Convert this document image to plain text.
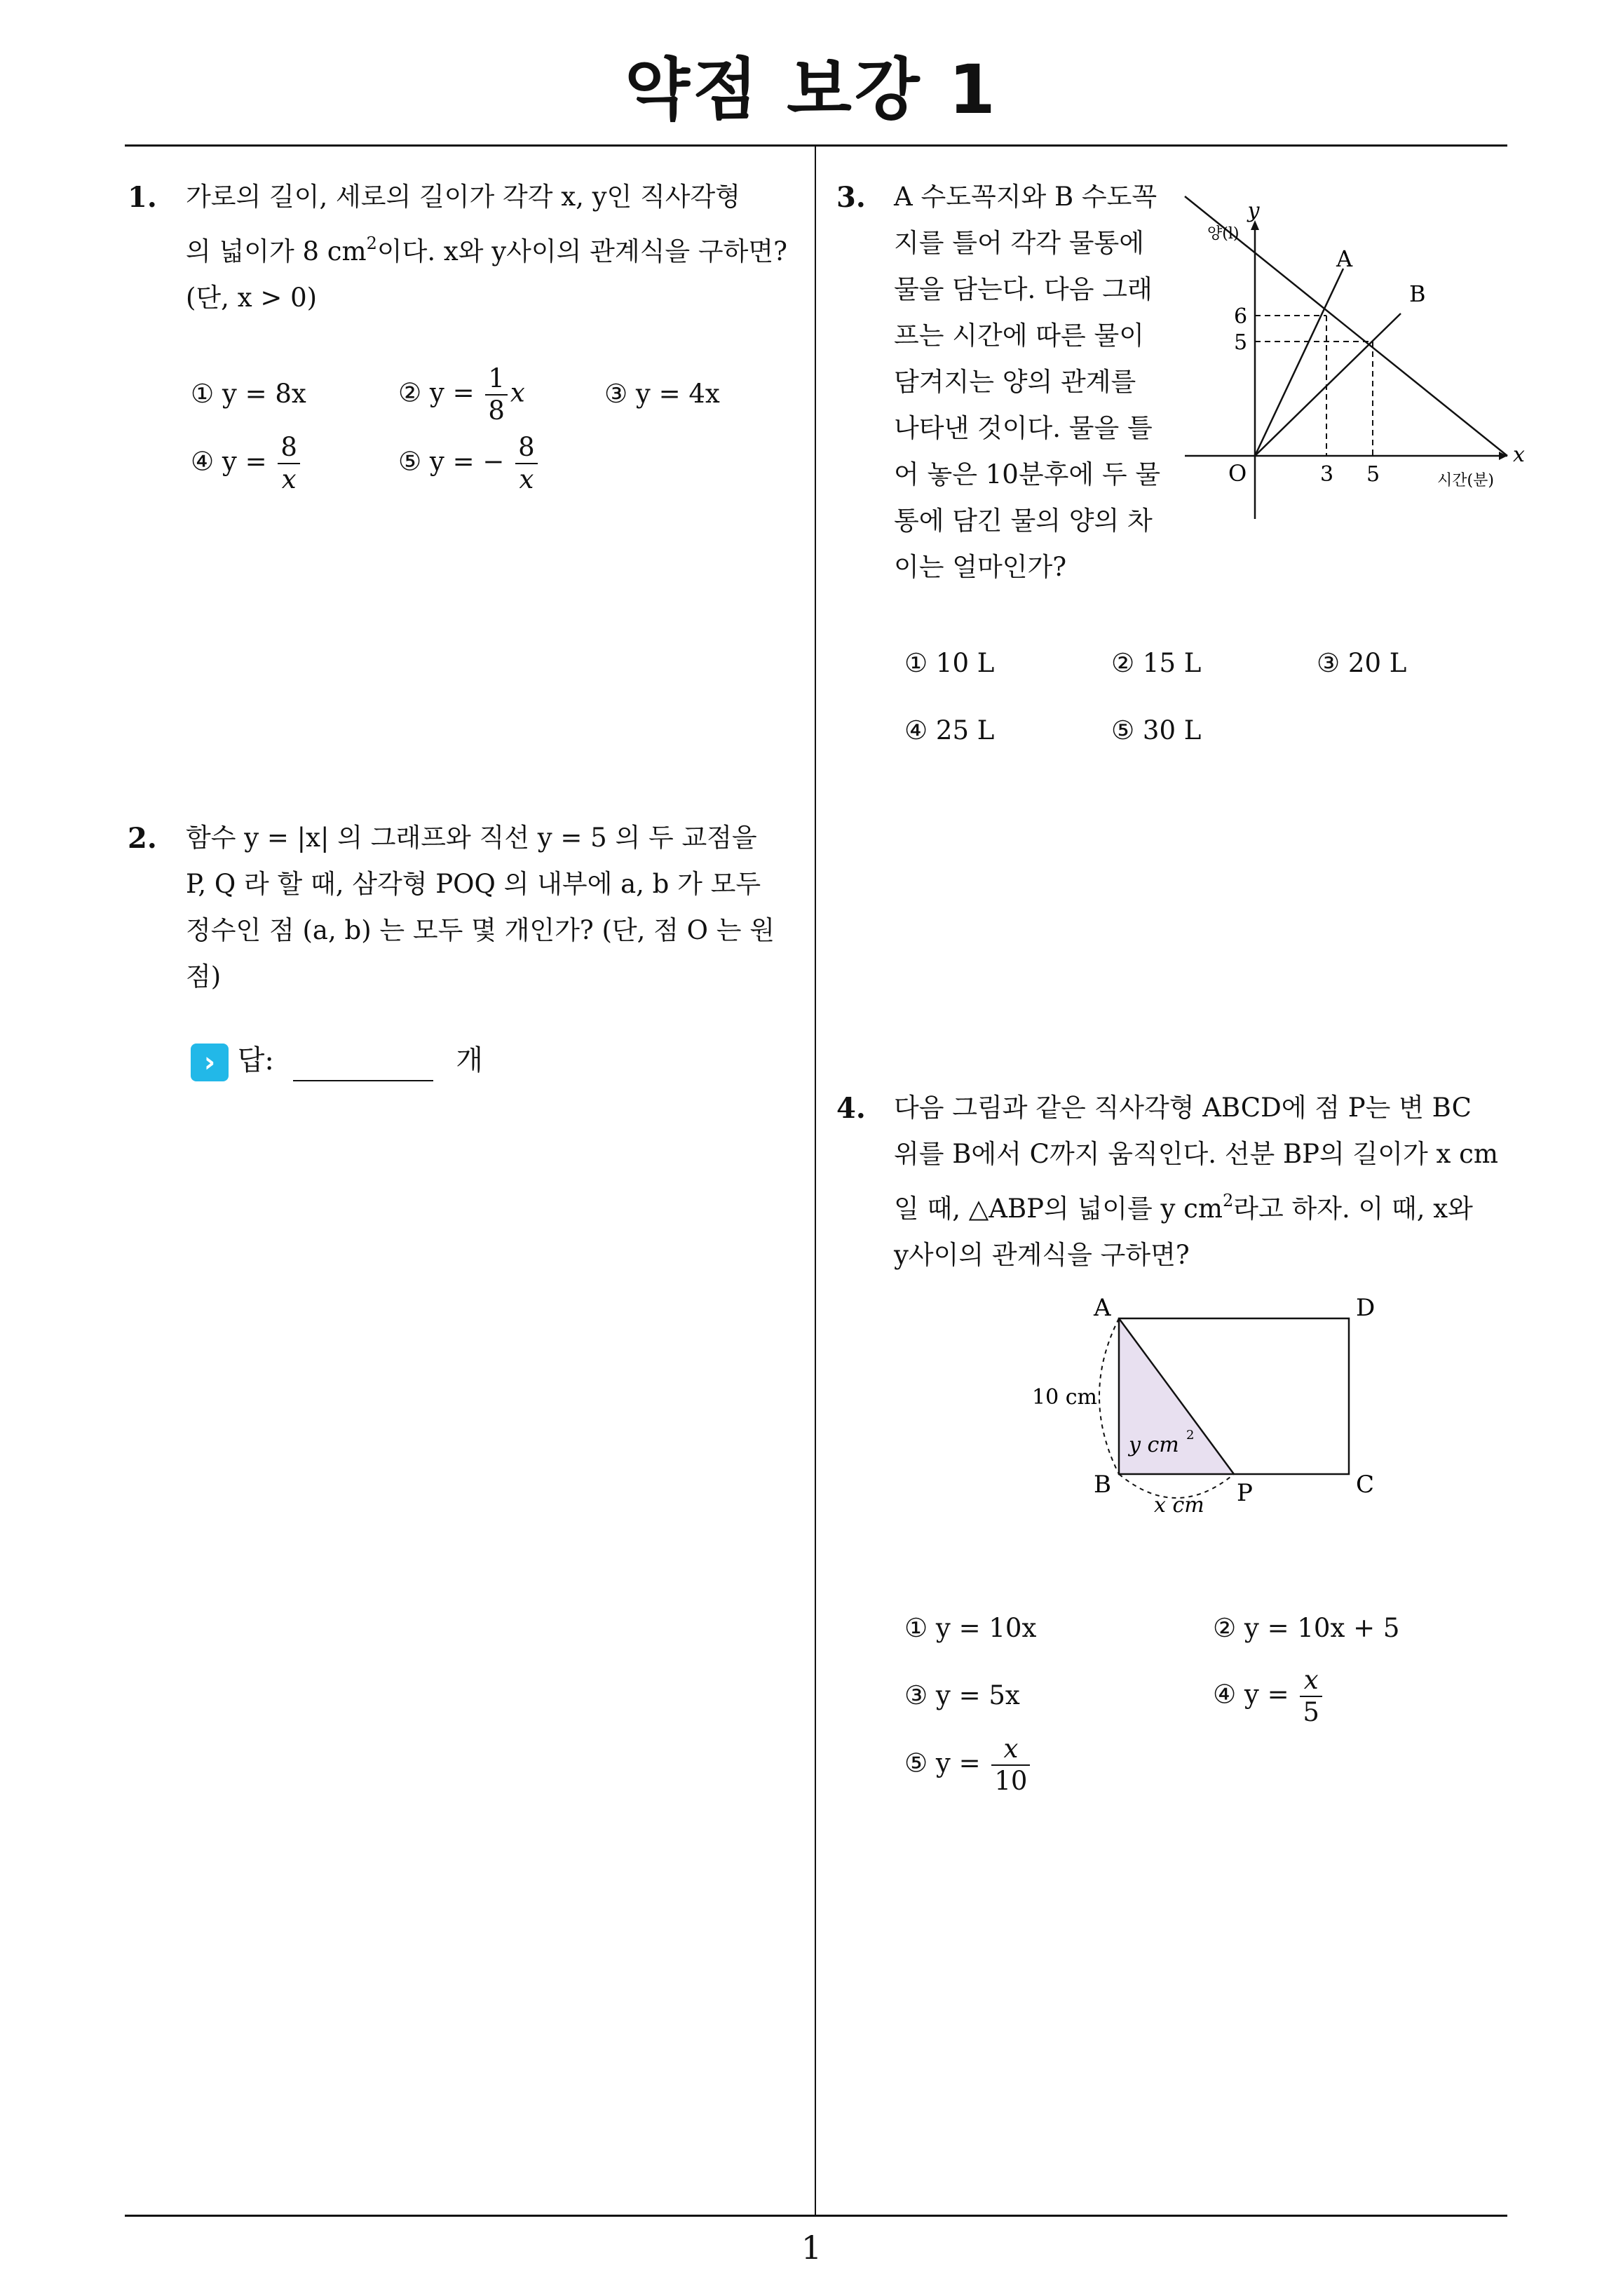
약점 보강 1
1
1. 가로의 길이, 세로의 길이가 각각 x, y인 직사각형

의 넓이가 8 $cm^2$이다. x와 y사이의 관계식을 구하면?

(단, x > 0)

① y = 8x	② $y = \frac{1}{8}$ x	③ y = 4x
④ $y = \frac{8}{x}$	⑤ y = − $\frac{8}{x}$
2. 함수 y = |x| 의 그래프와 직선 y = 5 의 두 교점을

P, Q 라 할 때, 삼각형 POQ 의 내부에 a, b 가 모두

정수인 점 (a, b) 는 모두 몇 개인가? (단, 점 O 는 원

점)

› 답:	개
3. A 수도꼭지와 B 수도꼭

지를 틀어 각각 물통에

물을 담는다. 다음 그래

프는 시간에 따른 물이

담겨지는 양의 관계를

나타낸 것이다. 물을 틀

어 놓은 10분후에 두 물

통에 담긴 물의 양의 차

이는 얼마인가?

y
양(l)
x
시간(분)
O
A
B
6
5
3 5
① 10 L	② 15 L	③ 20 L
④ 25 L	⑤ 30 L
4. 다음 그림과 같은 직사각형 ABCD에 점 P는 변 BC

위를 B에서 C까지 움직인다. 선분 BP의 길이가 x cm

일 때, △ABP의 넓이를 y $cm^2$라고 하자. 이 때, x와

y사이의 관계식을 구하면?

A	D
B	C
P
10 cm
y cm 2
x cm
① y = 10x	② y = 10x + 5
③ y = 5x	④ $y = \frac{x}{5}$
⑤ $y = \frac{x}{10}$
